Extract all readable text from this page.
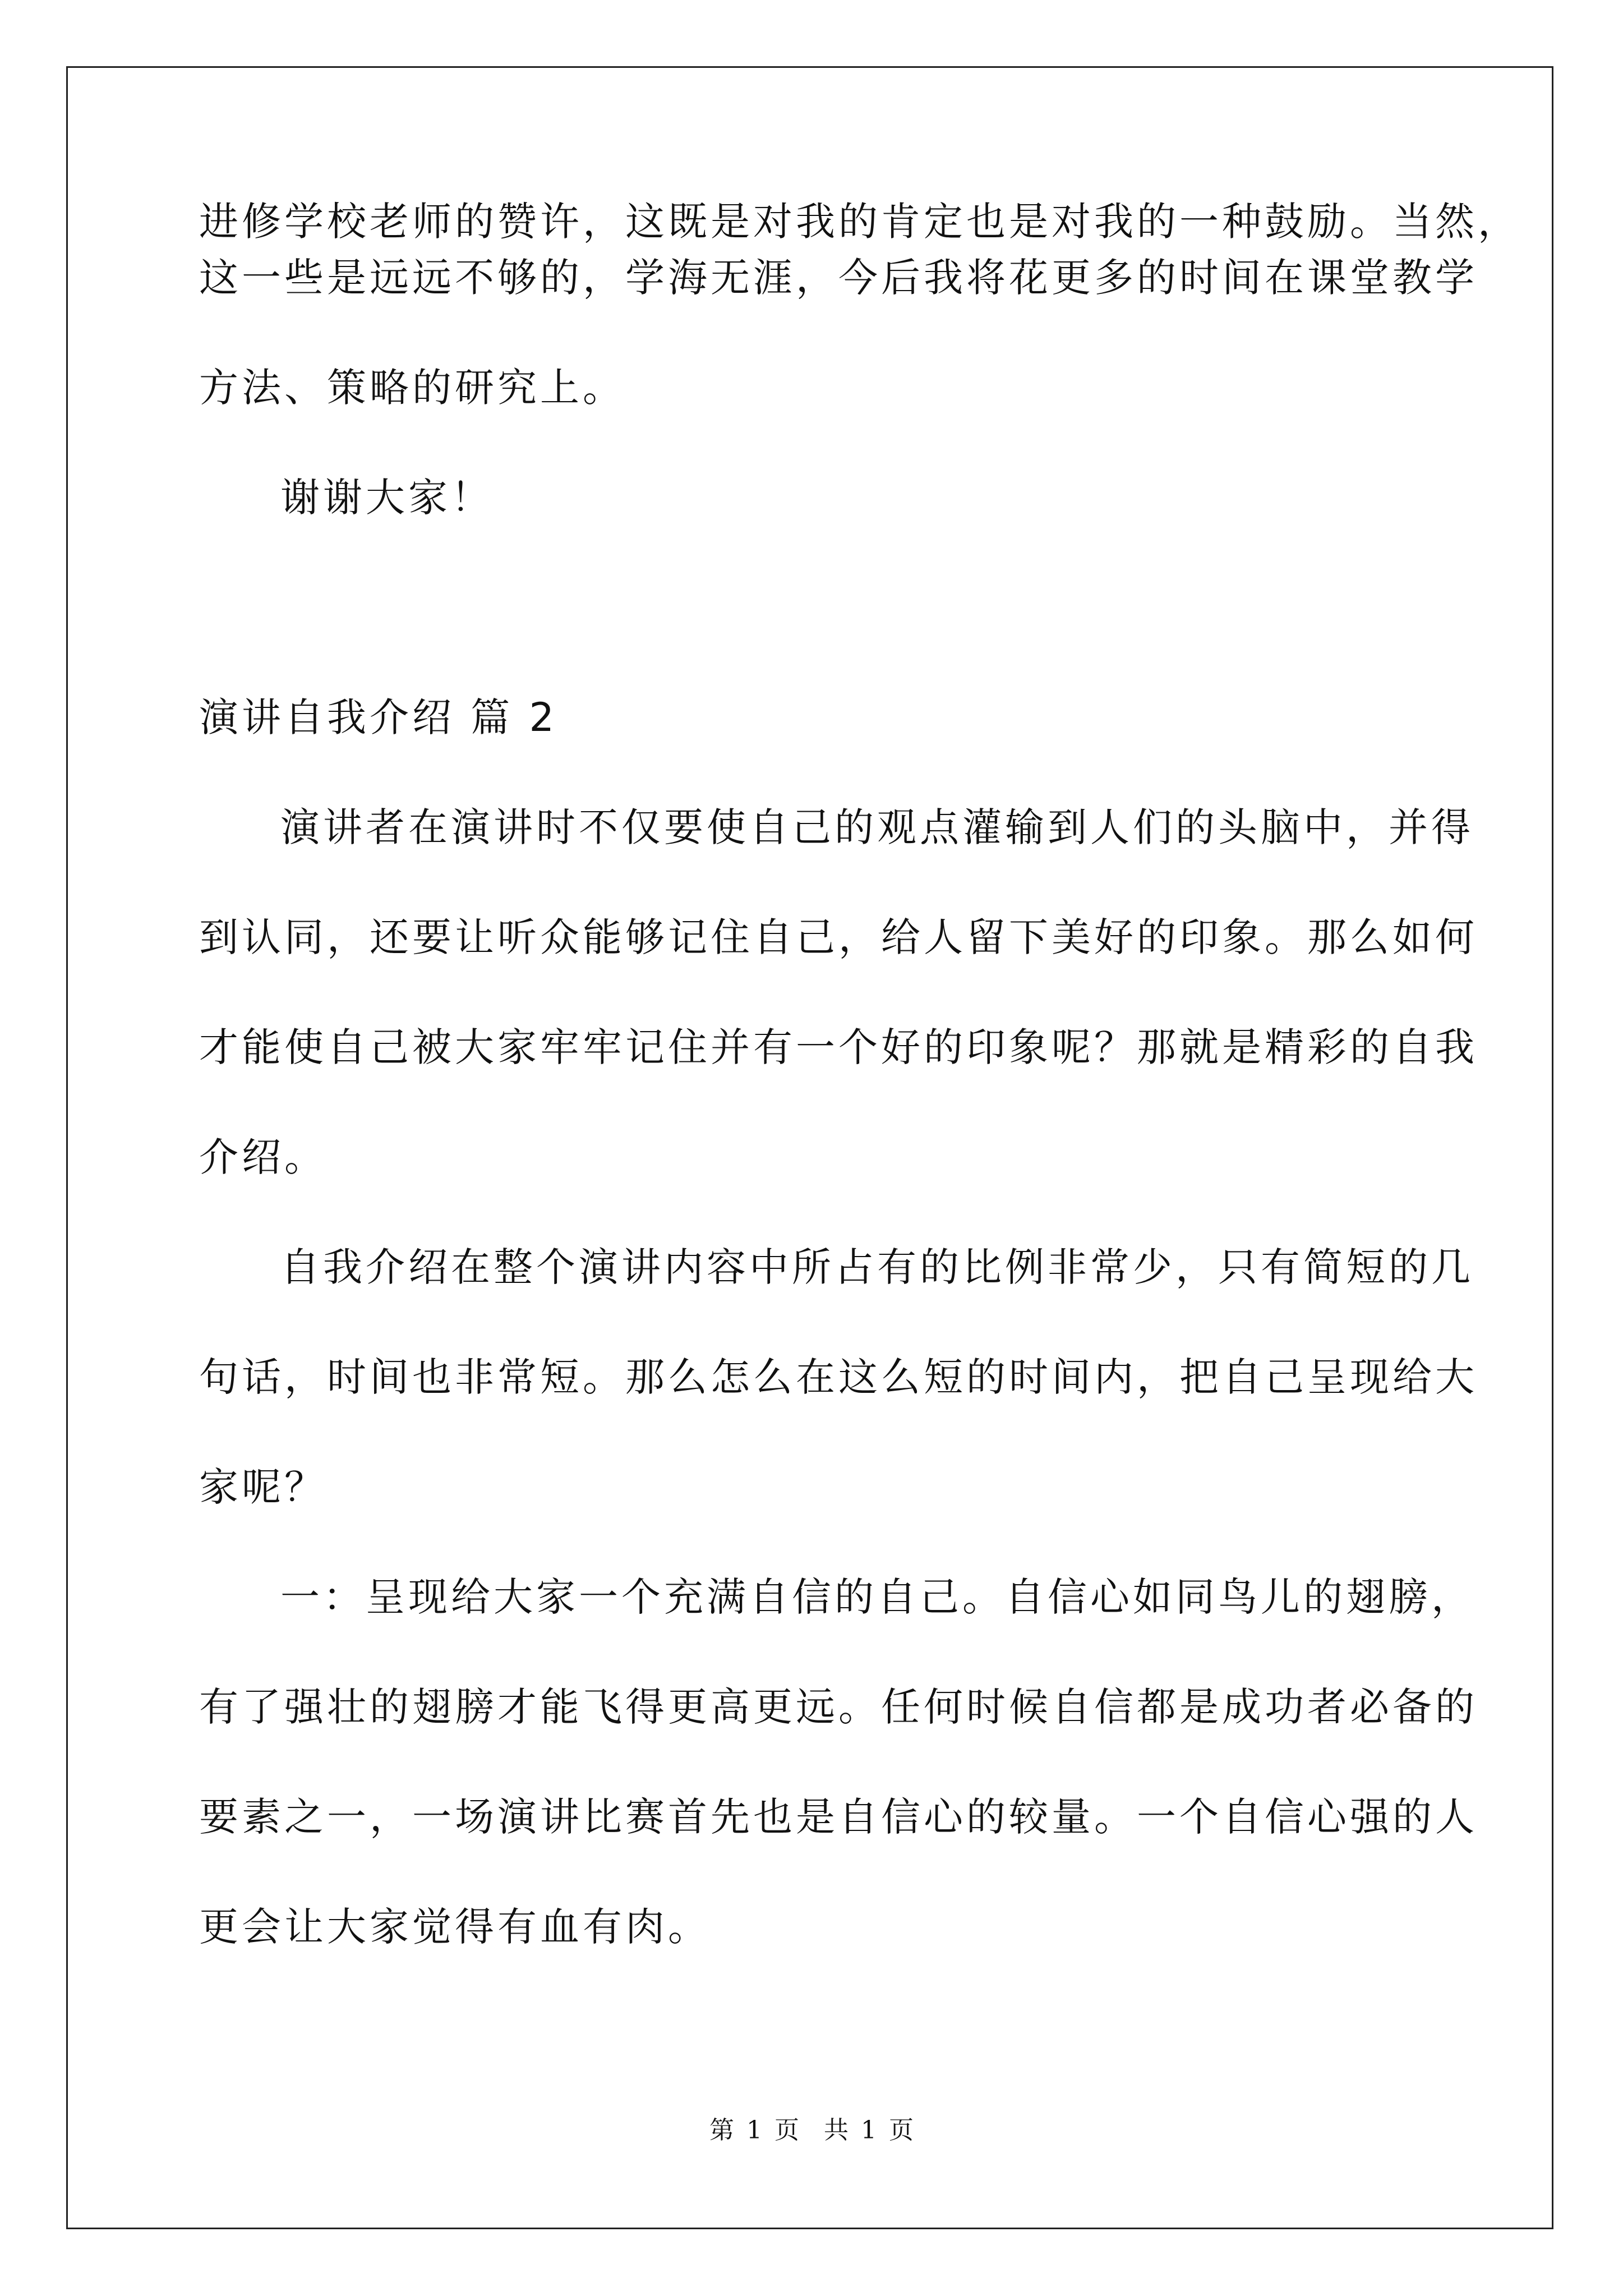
进修学校老师的赞许，这既是对我的肯定也是对我的一种鼓励。当然，

这一些是远远不够的，学海无涯，今后我将花更多的时间在课堂教学

方法、策略的研究上。

谢谢大家！

演讲自我介绍 篇 2

演讲者在演讲时不仅要使自己的观点灌输到人们的头脑中，并得

到认同，还要让听众能够记住自己，给人留下美好的印象。那么如何

才能使自己被大家牢牢记住并有一个好的印象呢？那就是精彩的自我

介绍。

自我介绍在整个演讲内容中所占有的比例非常少，只有简短的几

句话，时间也非常短。那么怎么在这么短的时间内，把自己呈现给大

家呢？

一：呈现给大家一个充满自信的自己。自信心如同鸟儿的翅膀，

有了强壮的翅膀才能飞得更高更远。任何时候自信都是成功者必备的

要素之一，一场演讲比赛首先也是自信心的较量。一个自信心强的人

更会让大家觉得有血有肉。

第 1 页　共 1 页
